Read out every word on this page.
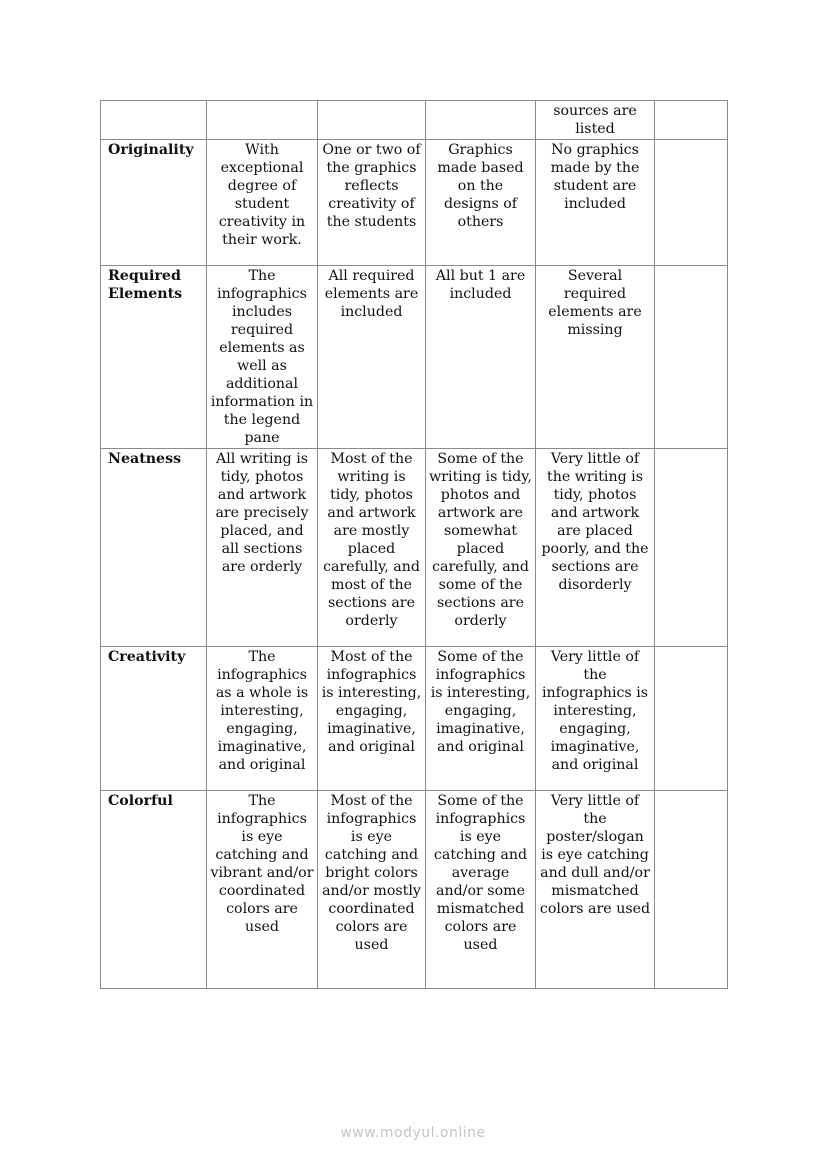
				sources are listed	
Originality	With exceptional degree of student creativity in their work.	One or two of the graphics reflects creativity of the students	Graphics made based on the designs of others	No graphics made by the student are included	
Required Elements	The infographics includes required elements as well as additional information in the legend pane	All required elements are included	All but 1 are included	Several required elements are missing	
Neatness	All writing is tidy, photos and artwork are precisely placed, and all sections are orderly	Most of the writing is tidy, photos and artwork are mostly placed carefully, and most of the sections are orderly	Some of the writing is tidy, photos and artwork are somewhat placed carefully, and some of the sections are orderly	Very little of the writing is tidy, photos and artwork are placed poorly, and the sections are disorderly	
Creativity	The infographics as a whole is interesting, engaging, imaginative, and original	Most of the infographics is interesting, engaging, imaginative, and original	Some of the infographics is interesting, engaging, imaginative, and original	Very little of the infographics is interesting, engaging, imaginative, and original	
Colorful	The infographics is eye catching and vibrant and/or coordinated colors are used	Most of the infographics is eye catching and bright colors and/or mostly coordinated colors are used	Some of the infographics is eye catching and average and/or some mismatched colors are used	Very little of the poster/slogan is eye catching and dull and/or mismatched colors are used	
www.modyul.online
